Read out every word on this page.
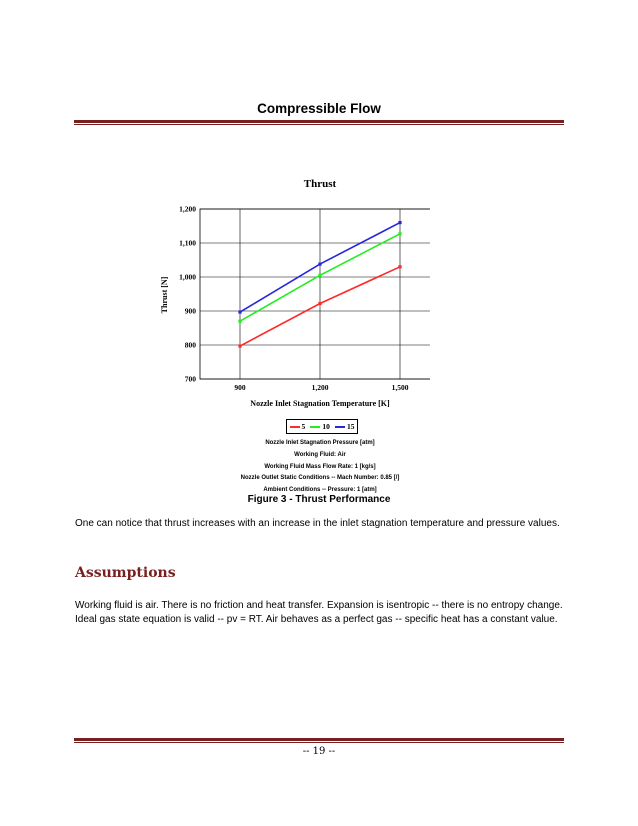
Compressible Flow
Thrust
700
800
900
1,000
1,100
1,200
900	1,200	1,500
Thrust [N]
Nozzle Inlet Stagnation Temperature [K]
5 10 15
Nozzle Inlet Stagnation Pressure [atm]
Working Fluid: Air
Working Fluid Mass Flow Rate: 1 [kg/s]
Nozzle Outlet Static Conditions -- Mach Number: 0.85 [/]
Ambient Conditions -- Pressure: 1 [atm]
Figure 3 - Thrust Performance
One can notice that thrust increases with an increase in the inlet stagnation temperature and pressure values.
Assumptions
Working fluid is air. There is no friction and heat transfer. Expansion is isentropic -- there is no entropy change. Ideal gas state equation is valid -- pv = RT. Air behaves as a perfect gas -- specific heat has a constant value.
-- 19 --
